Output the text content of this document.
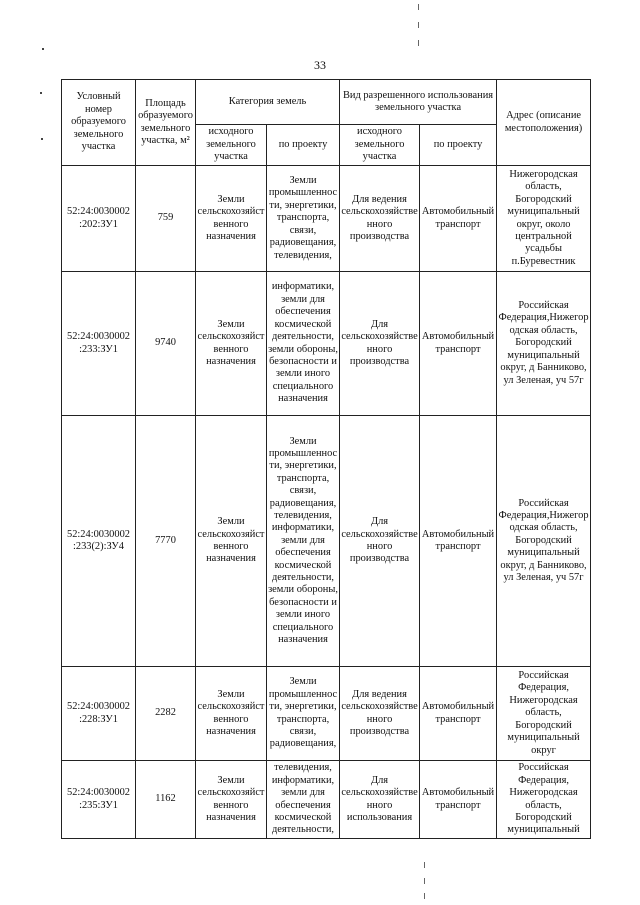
33
Условный номер образуемого земельного участка	Площадь образуемого земельного участка, м²	Категория земель		Вид разрешенного использования земельного участка		Адрес (описание местоположения)
		исходного земельного участка	по проекту	исходного земельного участка	по проекту	
52:24:0030002 :202:ЗУ1	759	Земли сельскохозяйственного назначения	Земли промышленности, энергетики, транспорта, связи, радиовещания, телевидения,	Для ведения сельскохозяйственного производства	Автомобильный транспорт	Нижегородская область, Богородский муниципальный округ, около центральной усадьбы п.Буревестник
52:24:0030002 :233:ЗУ1	9740	Земли сельскохозяйственного назначения	информатики, земли для обеспечения космической деятельности, земли обороны, безопасности и земли иного специального назначения	Для сельскохозяйственного производства	Автомобильный транспорт	Российская Федерация,Нижегородская область, Богородский муниципальный округ, д Банниково, ул Зеленая, уч 57г
52:24:0030002 :233(2):ЗУ4	7770	Земли сельскохозяйственного назначения	Земли промышленности, энергетики, транспорта, связи, радиовещания, телевидения, информатики, земли для обеспечения космической деятельности, земли обороны, безопасности и земли иного специального назначения	Для сельскохозяйственного производства	Автомобильный транспорт	Российская Федерация,Нижегородская область, Богородский муниципальный округ, д Банниково, ул Зеленая, уч 57г
52:24:0030002 :228:ЗУ1	2282	Земли сельскохозяйственного назначения	Земли промышленности, энергетики, транспорта, связи, радиовещания,	Для ведения сельскохозяйственного производства	Автомобильный транспорт	Российская Федерация, Нижегородская область, Богородский муниципальный округ
52:24:0030002 :235:ЗУ1	1162	Земли сельскохозяйственного назначения	телевидения, информатики, земли для обеспечения космической деятельности,	Для сельскохозяйственного использования	Автомобильный транспорт	Российская Федерация, Нижегородская область, Богородский муниципальный
